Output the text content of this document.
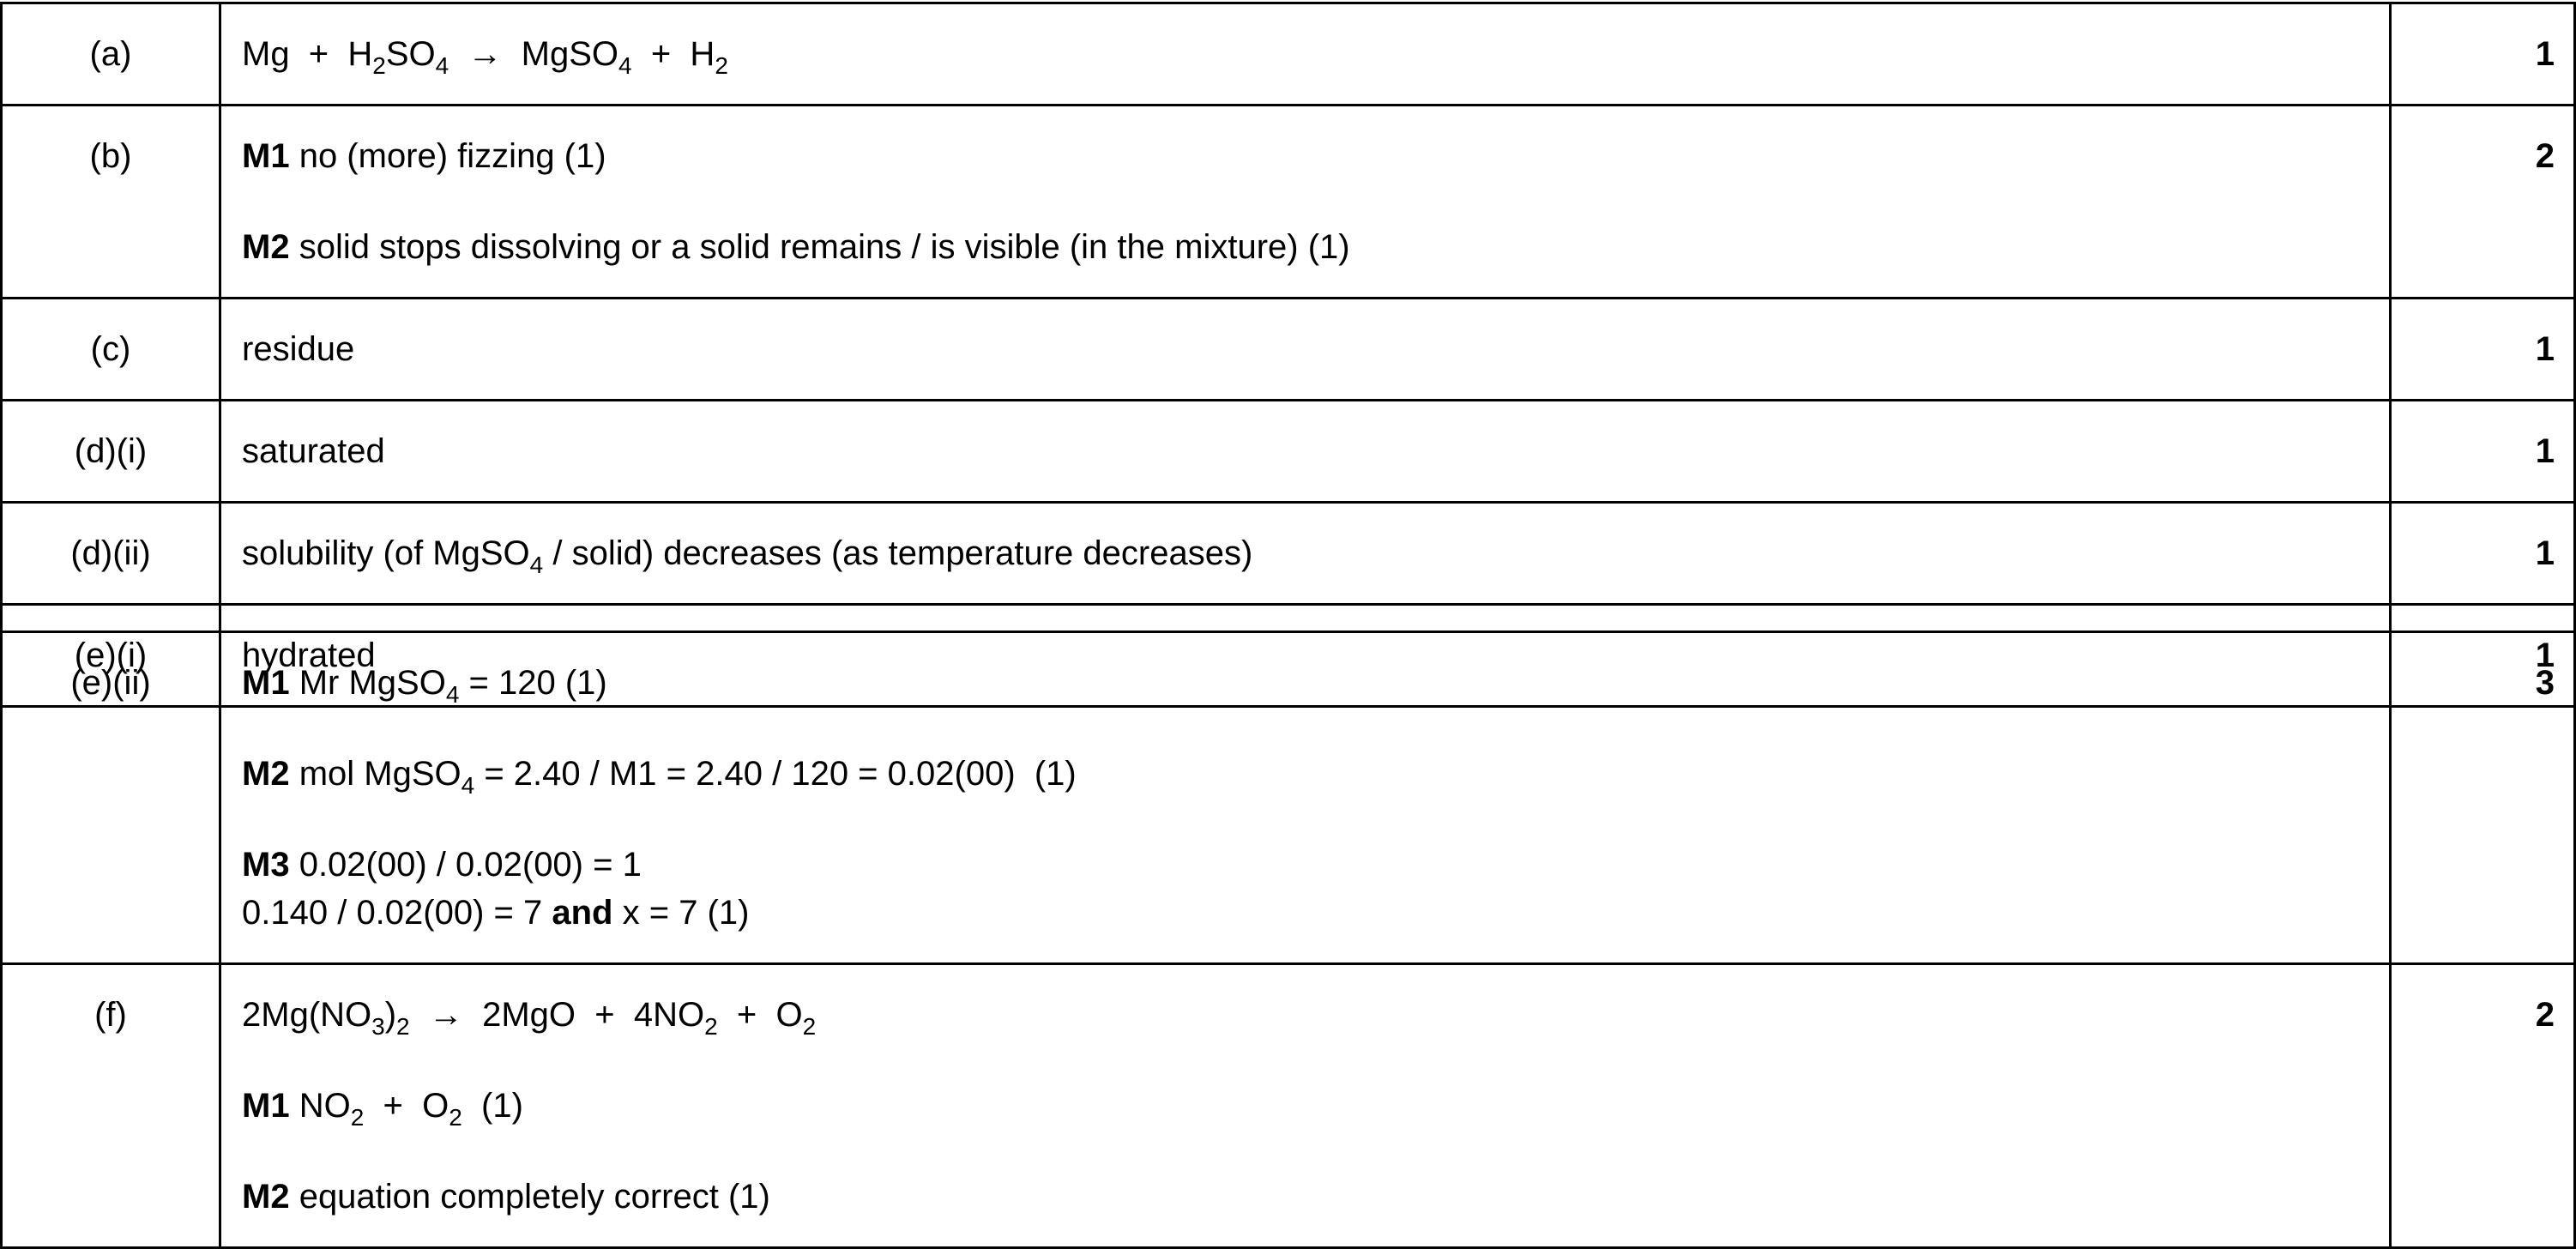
(a)	$Mg + H_2SO_4$  →  MgSO$_4$  +  $H_2$	1
(b)	M1 no (more) fizzing (1)
M2 solid stops dissolving or a solid remains / is visible (in the mixture) (1)	2
(c)	residue	1
(d)(i)	saturated	1
(d)(ii)	solubility (of MgSO$_4$ / solid) decreases (as temperature decreases)	1
(e)(i)	hydrated	1
(e)(ii)	M1 Mr MgSO$_4$ = 120 (1)
M2 mol MgSO$_4$ = 2.40 / M1 = 2.40 / 120 = 0.02(00)  (1)
M3 0.02(00) / 0.02(00) = 1
0.140 / 0.02(00) = 7 and x = 7 (1)	3
(f)	$2Mg(NO_3)_2 \to 2MgO + 4NO_2 + O_2$
M1 $NO_2 + O_2$  (1)
M2 equation completely correct (1)	2
